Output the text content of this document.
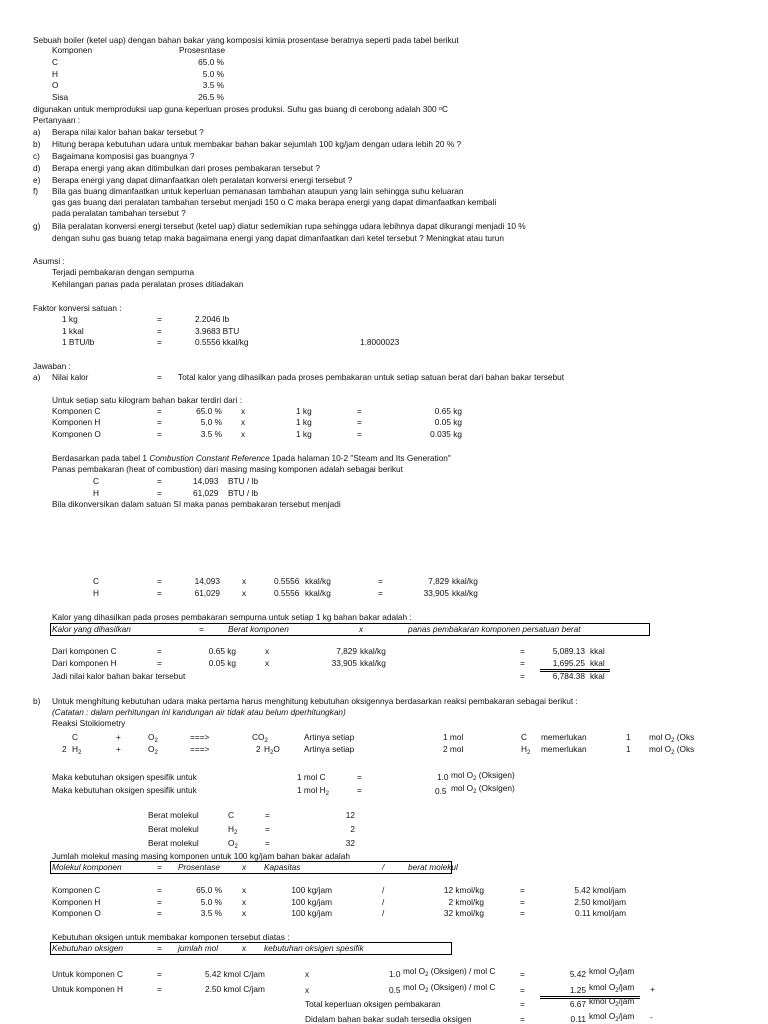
Sebuah boiler (ketel uap) dengan bahan bakar yang komposisi kimia prosentase beratnya seperti pada tabel berikut
Komponen	Prosesntase
C	65.0 %
H	5.0 %
O	3.5 %
Sisa	26.5 %
digunakan untuk memproduksi uap guna keperluan proses produksi. Suhu gas buang di cerobong adalah 300 ᵒC
Pertanyaan :
a) Berapa nilai kalor bahan bakar tersebut ?
b) Hitung berapa kebutuhan udara untuk membakar bahan bakar sejumlah 100 kg/jam dengan udara lebih 20 % ?
c) Bagaimana komposisi gas buangnya ?
d) Berapa energi yang akan ditimbulkan dari proses pembakaran tersebut ?
e) Berapa energi yang dapat dimanfaatkan oleh peralatan konversi energi tersebut ?
f) Bila gas buang dimanfaatkan untuk keperluan pemanasan tambahan ataupun yang lain sehingga suhu keluaran
gas gas buang dari peralatan tambahan tersebut menjadi 150 o C maka berapa energi yang dapat dimanfaatkan kembali
pada peralatan tambahan tersebut ?
g) Bila peralatan konversi energi tersebut (ketel uap) diatur sedemikian rupa sehingga udara lebihnya dapat dikurangi menjadi 10 %
dengan suhu gas buang tetap maka bagaimana energi yang dapat dimanfaatkan dari ketel tersebut ? Meningkat atau turun
Asumsi :
Terjadi pembakaran dengan sempurna
Kehilangan panas pada peralatan proses ditiadakan
Faktor konversi satuan :
1 kg	=	2.2046 lb
1 kkal	=	3.9683 BTU
1 BTU/lb	=	0.5556 kkal/kg	1.8000023
Jawaban :
a) Nilai kalor	= Total kalor yang dihasilkan pada proses pembakaran untuk setiap satuan berat dari bahan bakar tersebut
Untuk setiap satu kilogram bahan bakar terdiri dari :
Komponen C	=	65.0 % x	1 kg	=	0.65 kg
Komponen H	=	5.0 % x	1 kg	=	0.05 kg
Komponen O	=	3.5 % x	1 kg	=	0.035 kg
Berdasarkan pada tabel 1 Combustion Constant Reference 1pada halaman 10-2 "Steam and Its Generation"
Panas pembakaran (heat of combustion) dari masing masing komponen adalah sebagai berikut
C	=	14,093 BTU / lb
H	=	61,029 BTU / lb
Bila dikonversikan dalam satuan SI maka panas pembakaran tersebut menjadi
C	=	14,093	x	0.5556 kkal/kg	=	7,829 kkal/kg
H	=	61,029	x	0.5556 kkal/kg	=	33,905 kkal/kg
Kalor yang dihasilkan pada proses pembakaran sempurna untuk setiap 1 kg bahan bakar adalah :
Kalor yang dihasilkan	=	Berat komponen	x	panas pembakaran komponen persatuan berat
Dari komponen C	=	0.65 kg	x	7,829 kkal/kg	=	5,089.13 kkal
Dari komponen H	=	0.05 kg	x	33,905 kkal/kg	=	1,695.25 kkal
Jadi nilai kalor bahan bakar tersebut	=	6,784.38 kkal
b) Untuk menghitung kebutuhan udara maka pertama harus menghitung kebutuhan oksigennya berdasarkan reaksi pembakaran sebagai berikut :
(Catatan : dalam perhitungan ini kandungan air tidak atau belum dperhitungkan)
Reaksi Stoikiometry
C	+	$O_2$	===>	$CO_2$	Artinya setiap	1 mol	C memerlukan	1 mol $O_2$ (Oks
2 $H_2$	+	$O_2$	===>	2 $H_2O$	Artinya setiap	2 mol	$H_2$ memerlukan	1 mol $O_2$ (Oks
Maka kebutuhan oksigen spesifik untuk	1 mol C	=	1.0 mol $O_2$ (Oksigen)
Maka kebutuhan oksigen spesifik untuk	1 mol $H_2$	=	0.5 mol $O_2$ (Oksigen)
Berat molekul	C	=	12
Berat molekul	$H_2$	=	2
Berat molekul	$O_2$	=	32
Jumlah molekul masing masing komponen untuk 100 kg/jam bahan bakar adalah
Molekul komponen	= Prosentase	x Kapasitas	/	berat molekul
Komponen C	=	65.0 % x	100 kg/jam	/	12 kmol/kg	=	5.42 kmol/jam
Komponen H	=	5.0 % x	100 kg/jam	/	2 kmol/kg	=	2.50 kmol/jam
Komponen O	=	3.5 % x	100 kg/jam	/	32 kmol/kg	=	0.11 kmol/jam
Kebutuhan oksigen untuk membakar komponen tersebut diatas :
Kebutuhan oksigen	= jumlah mol	x kebutuhan oksigen spesifik
Untuk komponen C	=	5.42 kmol C/jam	x	1.0 mol $O_2$ (Oksigen) / mol C	=	5.42 kmol $O_2$/jam
Untuk komponen H	=	2.50 kmol C/jam	x	0.5 mol $O_2$ (Oksigen) / mol C	=	1.25 kmol $O_2$/jam +
Total keperluan oksigen pembakaran	=	6.67 kmol $O_2$/jam
Didalam bahan bakar sudah tersedia oksigen	=	0.11 kmol $O_2$/jam -
